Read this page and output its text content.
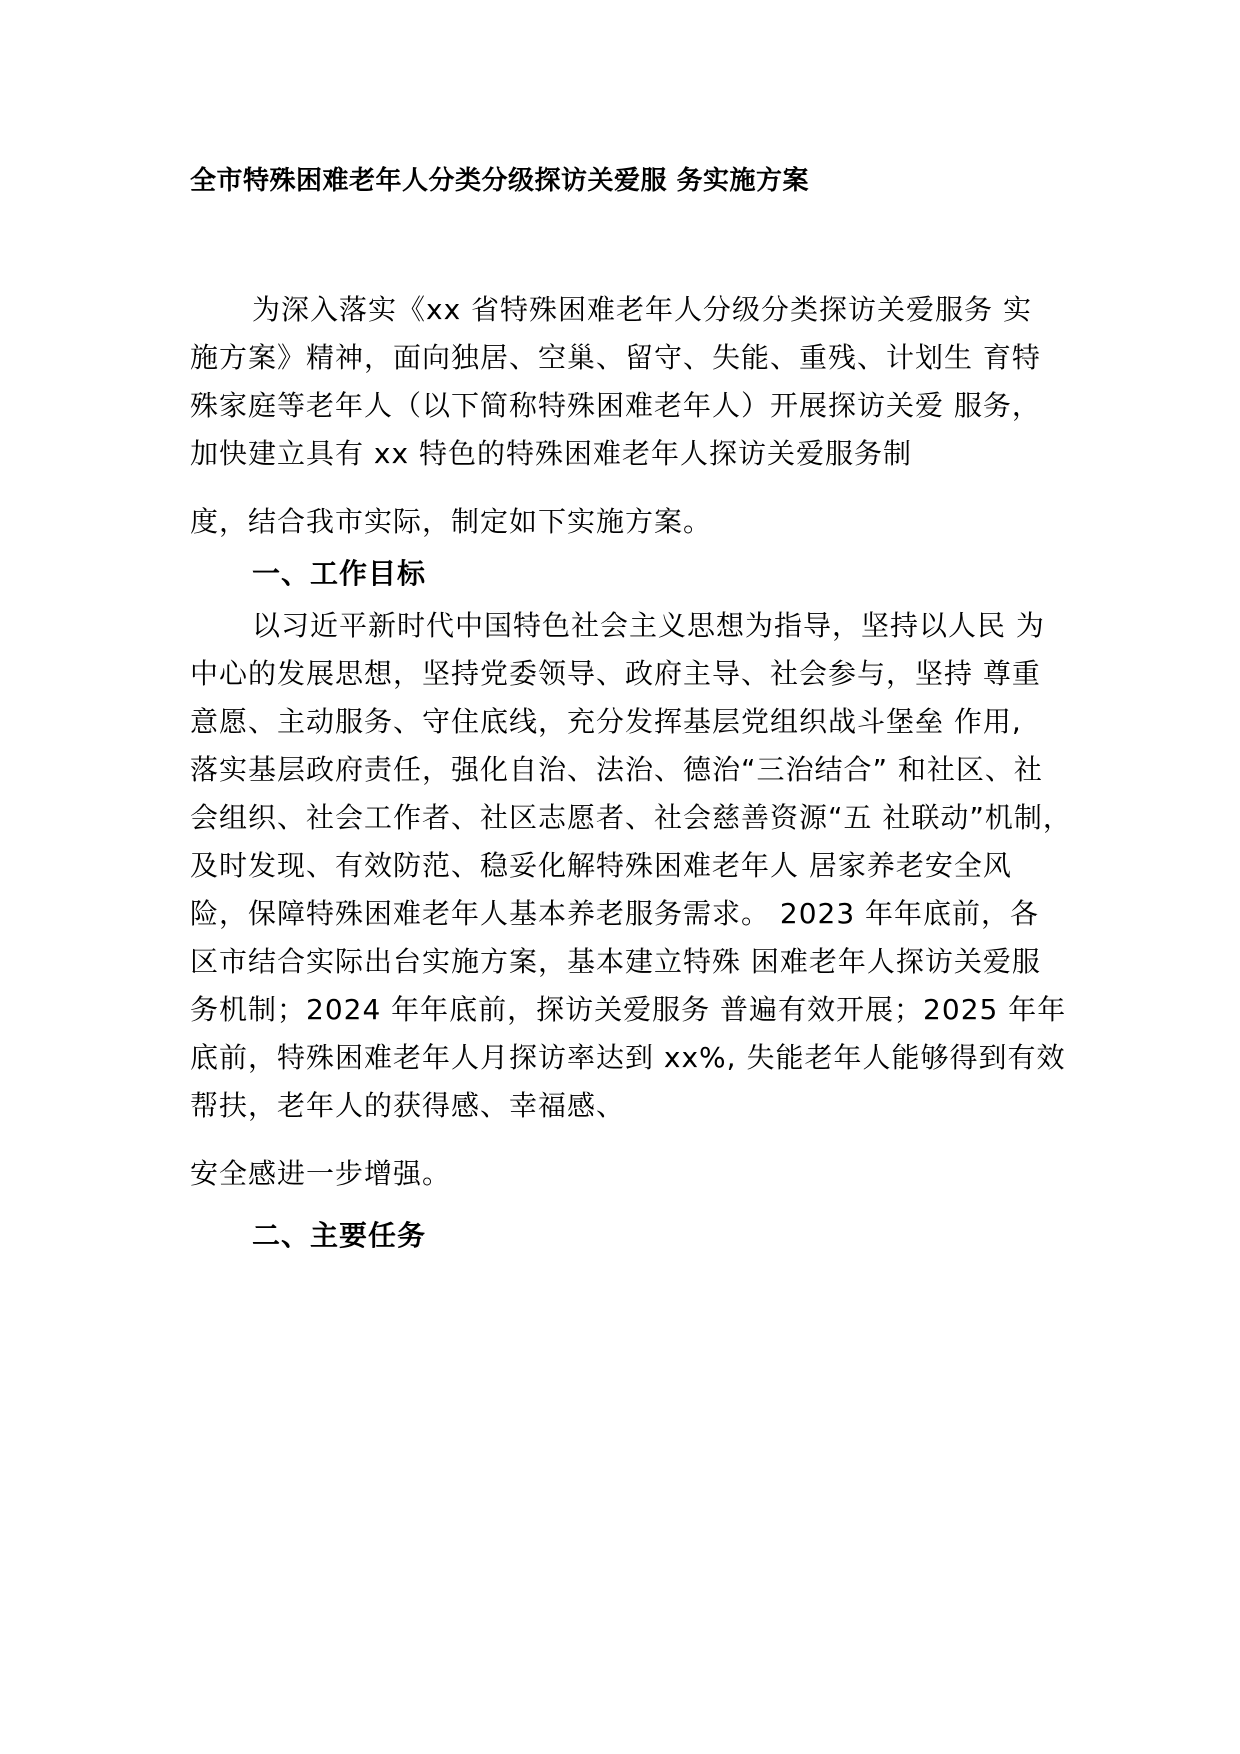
全市特殊困难老年人分类分级探访关爱服 务实施方案

为深入落实《xx 省特殊困难老年人分级分类探访关爱服务 实

施方案》精神，面向独居、空巢、留守、失能、重残、计划生 育特

殊家庭等老年人（以下简称特殊困难老年人）开展探访关爱 服务，

加快建立具有 xx 特色的特殊困难老年人探访关爱服务制

度，结合我市实际，制定如下实施方案。

一、工作目标

以习近平新时代中国特色社会主义思想为指导，坚持以人民 为

中心的发展思想，坚持党委领导、政府主导、社会参与，坚持 尊重

意愿、主动服务、守住底线，充分发挥基层党组织战斗堡垒 作用,

落实基层政府责任，强化自治、法治、德治“三治结合” 和社区、社

会组织、社会工作者、社区志愿者、社会慈善资源“五 社联动”机制，

及时发现、有效防范、稳妥化解特殊困难老年人 居家养老安全风

险，保障特殊困难老年人基本养老服务需求。 2023 年年底前，各

区市结合实际出台实施方案，基本建立特殊 困难老年人探访关爱服

务机制；2024 年年底前，探访关爱服务 普遍有效开展；2025 年年

底前，特殊困难老年人月探访率达到 xx%, 失能老年人能够得到有效

帮扶，老年人的获得感、幸福感、

安全感进一步增强。

二、主要任务
